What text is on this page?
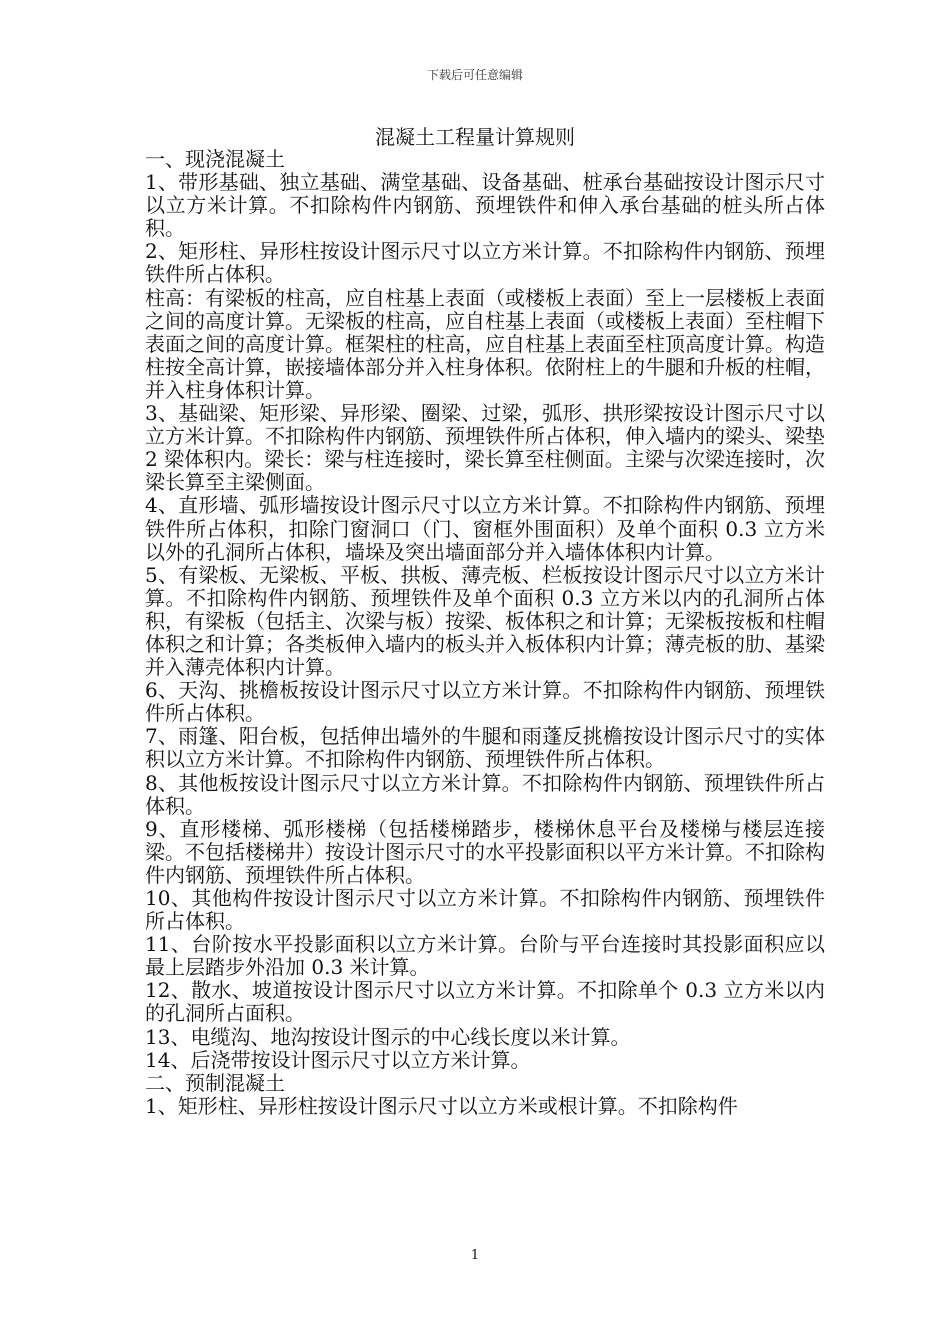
下载后可任意编辑
混凝土工程量计算规则

一、现浇混凝土

1、带形基础、独立基础、满堂基础、设备基础、桩承台基础按设计图示尺寸以立方米计算。不扣除构件内钢筋、预埋铁件和伸入承台基础的桩头所占体积。

2、矩形柱、异形柱按设计图示尺寸以立方米计算。不扣除构件内钢筋、预埋铁件所占体积。

柱高：有梁板的柱高，应自柱基上表面（或楼板上表面）至上一层楼板上表面之间的高度计算。无梁板的柱高，应自柱基上表面（或楼板上表面）至柱帽下表面之间的高度计算。框架柱的柱高，应自柱基上表面至柱顶高度计算。构造柱按全高计算，嵌接墙体部分并入柱身体积。依附柱上的牛腿和升板的柱帽，并入柱身体积计算。

3、基础梁、矩形梁、异形梁、圈梁、过梁，弧形、拱形梁按设计图示尺寸以立方米计算。不扣除构件内钢筋、预埋铁件所占体积，伸入墙内的梁头、梁垫 2 梁体积内。梁长：梁与柱连接时，梁长算至柱侧面。主梁与次梁连接时，次梁长算至主梁侧面。

4、直形墙、弧形墙按设计图示尺寸以立方米计算。不扣除构件内钢筋、预埋铁件所占体积，扣除门窗洞口（门、窗框外围面积）及单个面积 0.3 立方米以外的孔洞所占体积，墙垛及突出墙面部分并入墙体体积内计算。

5、有梁板、无梁板、平板、拱板、薄壳板、栏板按设计图示尺寸以立方米计算。不扣除构件内钢筋、预埋铁件及单个面积 0.3 立方米以内的孔洞所占体积，有梁板（包括主、次梁与板）按梁、板体积之和计算；无梁板按板和柱帽体积之和计算；各类板伸入墙内的板头并入板体积内计算；薄壳板的肋、基梁并入薄壳体积内计算。

6、天沟、挑檐板按设计图示尺寸以立方米计算。不扣除构件内钢筋、预埋铁件所占体积。

7、雨篷、阳台板，包括伸出墙外的牛腿和雨蓬反挑檐按设计图示尺寸的实体积以立方米计算。不扣除构件内钢筋、预埋铁件所占体积。

8、其他板按设计图示尺寸以立方米计算。不扣除构件内钢筋、预埋铁件所占体积。

9、直形楼梯、弧形楼梯（包括楼梯踏步，楼梯休息平台及楼梯与楼层连接梁。不包括楼梯井）按设计图示尺寸的水平投影面积以平方米计算。不扣除构件内钢筋、预埋铁件所占体积。

10、其他构件按设计图示尺寸以立方米计算。不扣除构件内钢筋、预埋铁件所占体积。

11、台阶按水平投影面积以立方米计算。台阶与平台连接时其投影面积应以最上层踏步外沿加 0.3 米计算。

12、散水、坡道按设计图示尺寸以立方米计算。不扣除单个 0.3 立方米以内的孔洞所占面积。

13、电缆沟、地沟按设计图示的中心线长度以米计算。

14、后浇带按设计图示尺寸以立方米计算。

二、预制混凝土

1、矩形柱、异形柱按设计图示尺寸以立方米或根计算。不扣除构件

1
